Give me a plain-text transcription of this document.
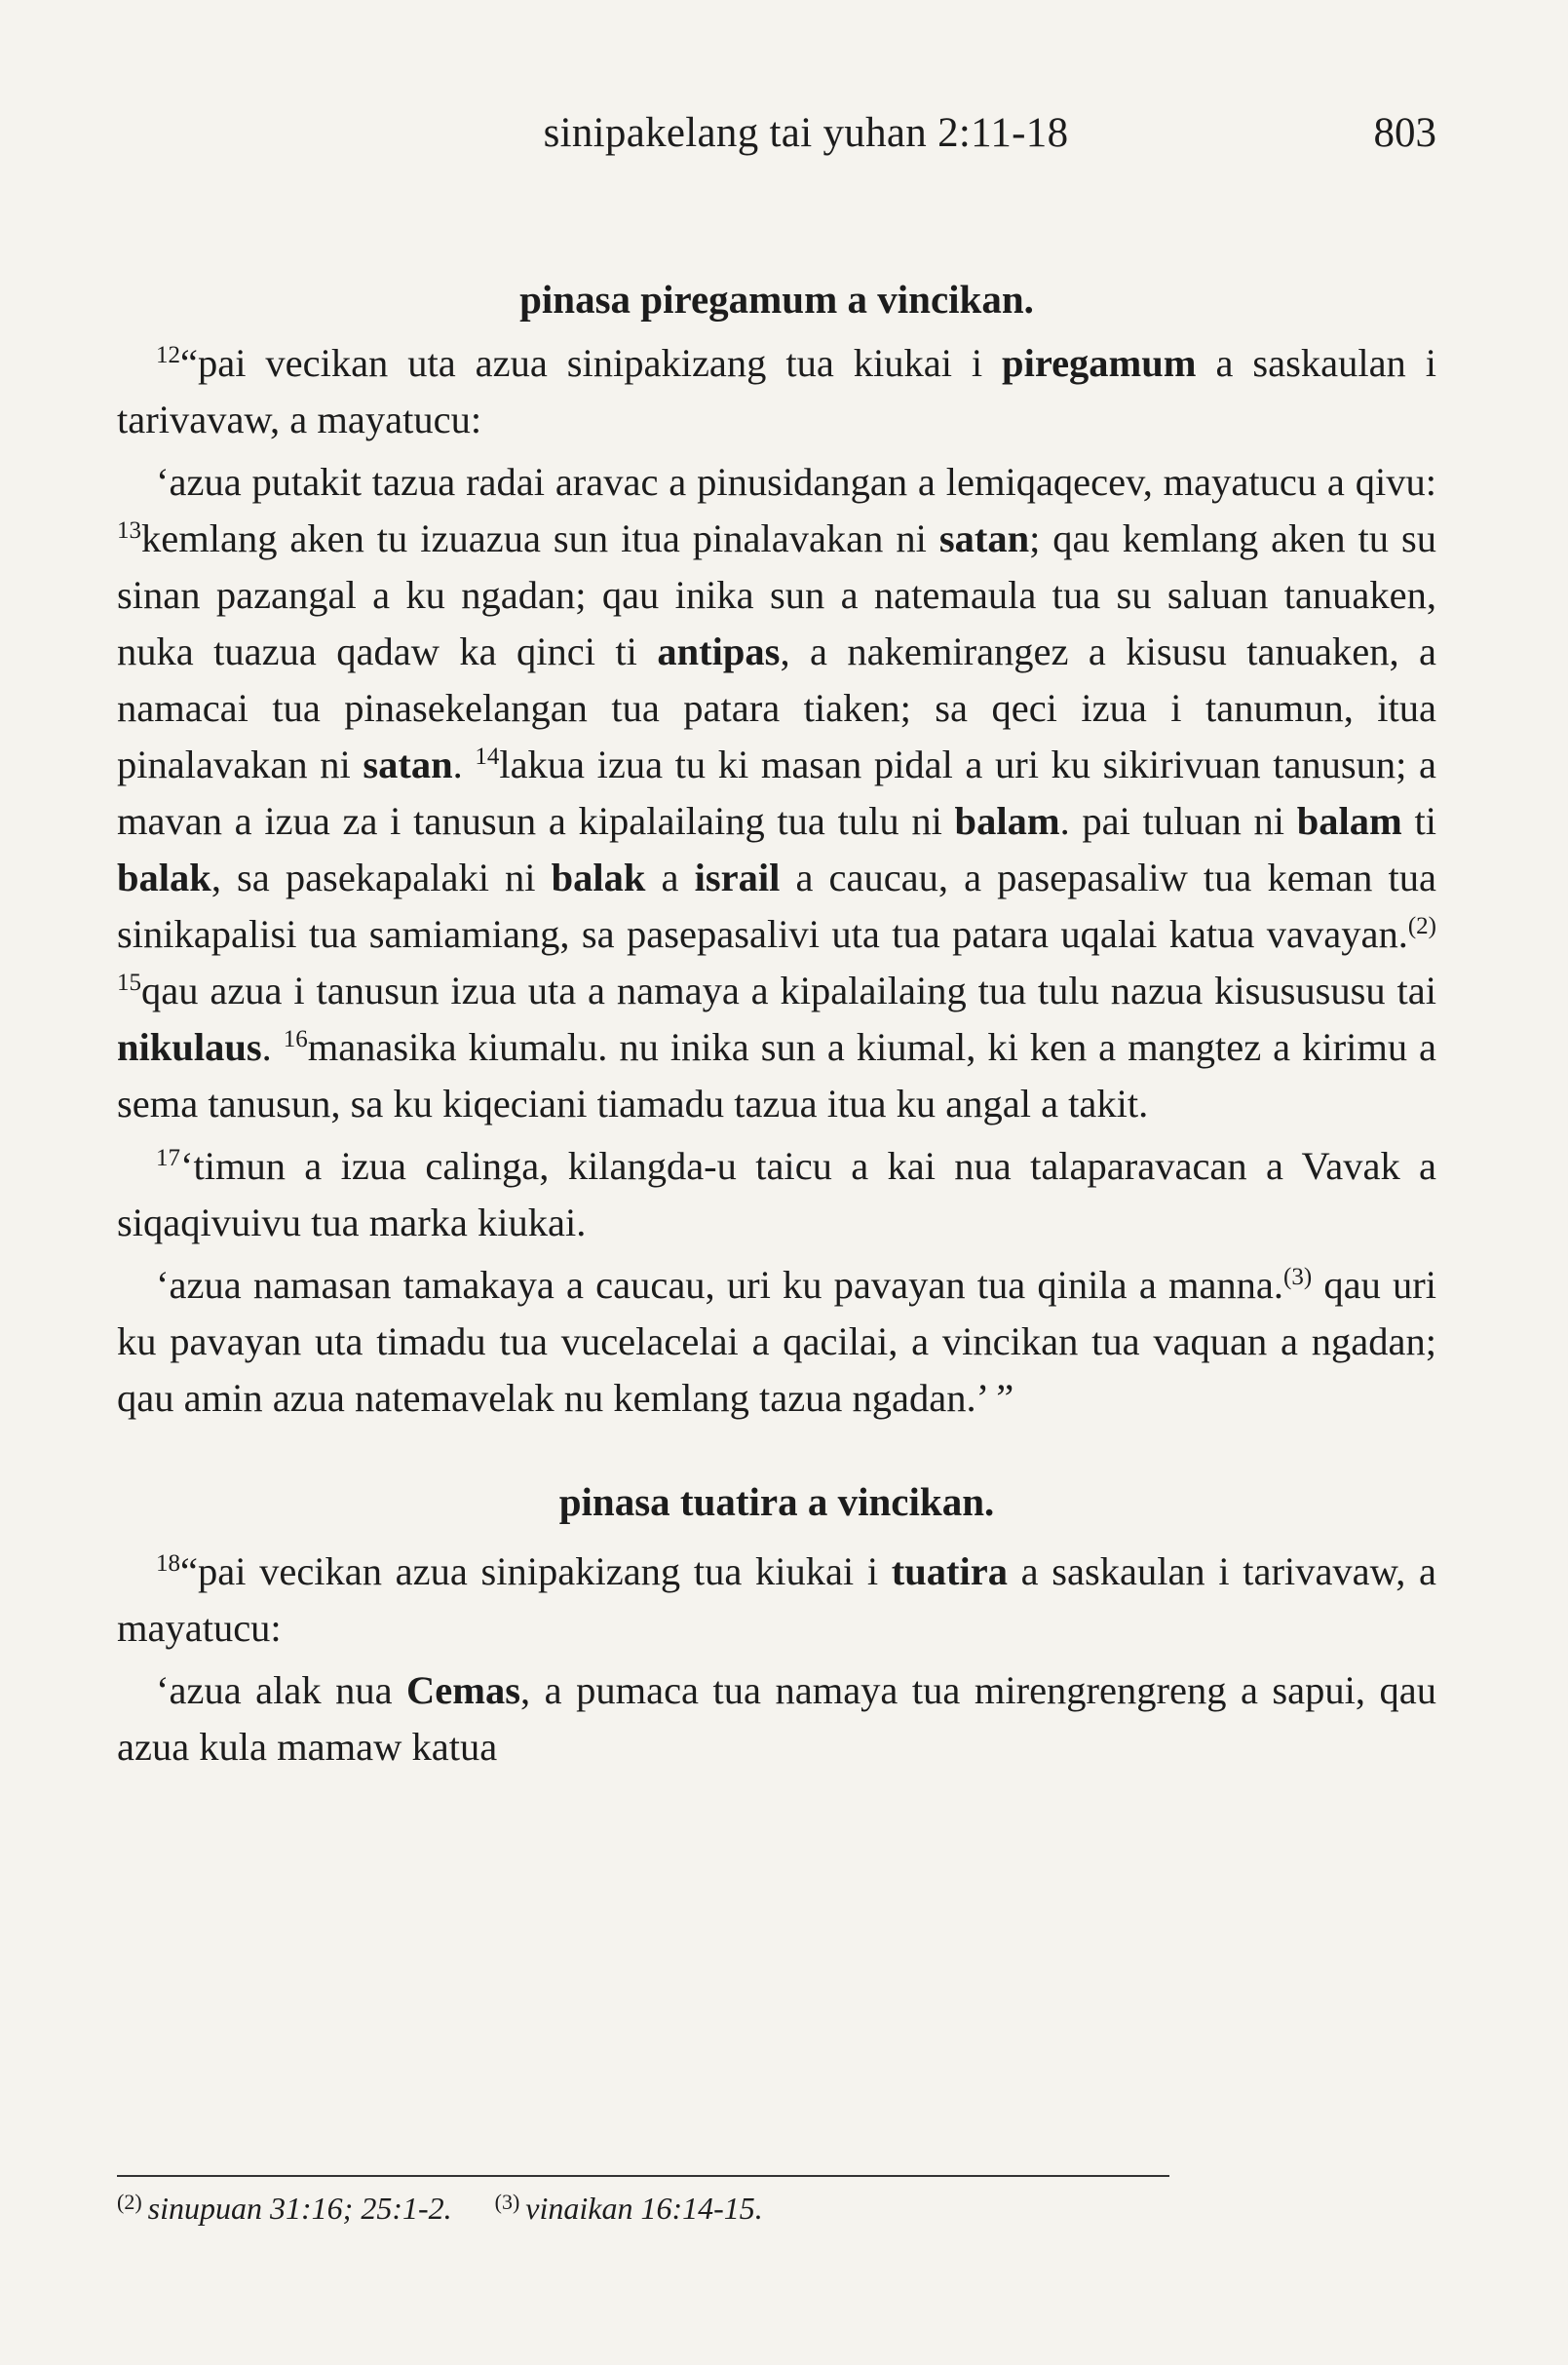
sinipakelang tai yuhan 2:11-18	803
pinasa piregamum a vincikan.

$^{12}$“pai vecikan uta azua sinipakizang tua kiukai i piregamum a saskaulan i tarivavaw, a mayatucu:

‘azua putakit tazua radai aravac a pinusidangan a lemiqaqecev, mayatucu a qivu: $^{13}$kemlang aken tu izuazua sun itua pinalavakan ni satan; qau kemlang aken tu su sinan pazangal a ku ngadan; qau inika sun a natemaula tua su saluan tanuaken, nuka tuazua qadaw ka qinci ti antipas, a nakemirangez a kisusu tanuaken, a namacai tua pinasekelangan tua patara tiaken; sa qeci izua i tanumun, itua pinalavakan ni satan. $^{14}$lakua izua tu ki masan pidal a uri ku sikirivuan tanusun; a mavan a izua za i tanusun a kipalailaing tua tulu ni balam. pai tuluan ni balam ti balak, sa pasekapalaki ni balak a israil a caucau, a pasepasaliw tua keman tua sinikapalisi tua samiamiang, sa pasepasalivi uta tua patara uqalai katua vavayan.$^{(2)}$ $^{15}$qau azua i tanusun izua uta a namaya a kipalailaing tua tulu nazua kisusususu tai nikulaus. $^{16}$manasika kiumalu. nu inika sun a kiumal, ki ken a mangtez a kirimu a sema tanusun, sa ku kiqeciani tiamadu tazua itua ku angal a takit.

$^{17}$‘timun a izua calinga, kilangda-u taicu a kai nua talaparavacan a Vavak a siqaqivuivu tua marka kiukai.

‘azua namasan tamakaya a caucau, uri ku pavayan tua qinila a manna.$^{(3)}$ qau uri ku pavayan uta timadu tua vucelacelai a qacilai, a vincikan tua vaquan a ngadan; qau amin azua natemavelak nu kemlang tazua ngadan.’ ”

pinasa tuatira a vincikan.

$^{18}$“pai vecikan azua sinipakizang tua kiukai i tuatira a saskaulan i tarivavaw, a mayatucu:

‘azua alak nua Cemas, a pumaca tua namaya tua mirengrengreng a sapui, qau azua kula mamaw katua

$^{(2)}$ sinupuan 31:16; 25:1-2. $^{(3)}$ vinaikan 16:14-15.
